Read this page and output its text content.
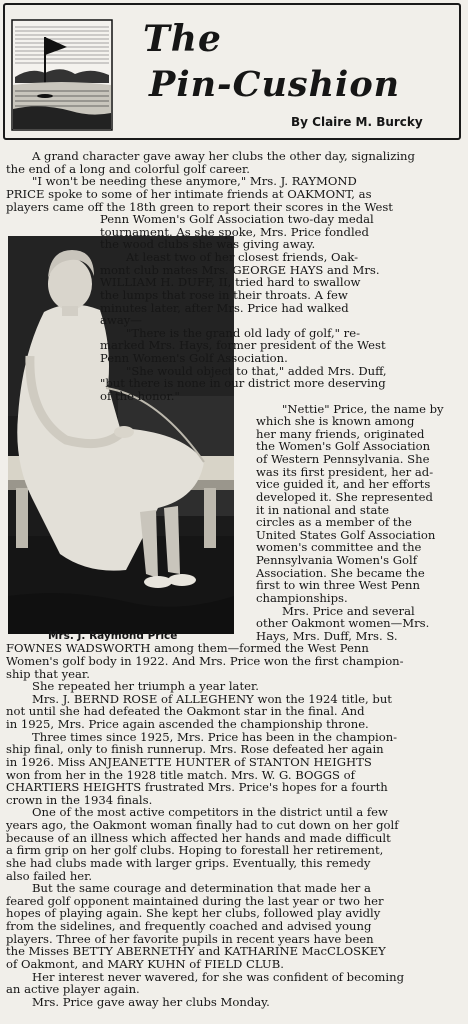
The
Pin-Cushion
By Claire M. Burcky
A grand character gave away her clubs the other day, signalizing
the end of a long and colorful golf career.
"I won't be needing these anymore," Mrs. J. RAYMOND
PRICE spoke to some of her intimate friends at OAKMONT, as
players came off the 18th green to report their scores in the West
Penn Women's Golf Association two-day medal
tournament. As she spoke, Mrs. Price fondled
the wood clubs she was giving away.
At least two of her closest friends, Oak-
mont club mates Mrs. GEORGE HAYS and Mrs.
WILLIAM H. DUFF, II, tried hard to swallow
the lumps that rose in their throats. A few
minutes later, after Mrs. Price had walked
away—
"There is the grand old lady of golf," re-
marked Mrs. Hays, former president of the West
Penn Women's Golf Association.
"She would object to that," added Mrs. Duff,
"but there is none in our district more deserving
of the honor."
"Nettie" Price, the name by
which she is known among
her many friends, originated
the Women's Golf Association
of Western Pennsylvania. She
was its first president, her ad-
vice guided it, and her efforts
developed it. She represented
it in national and state
circles as a member of the
United States Golf Association
women's committee and the
Pennsylvania Women's Golf
Association. She became the
first to win three West Penn
championships.
Mrs. Price and several
other Oakmont women—Mrs.
Mrs. J. Raymond Price	Hays, Mrs. Duff, Mrs. S.
FOWNES WADSWORTH among them—formed the West Penn
Women's golf body in 1922. And Mrs. Price won the first champion-
ship that year.
She repeated her triumph a year later.
Mrs. J. BERND ROSE of ALLEGHENY won the 1924 title, but
not until she had defeated the Oakmont star in the final. And
in 1925, Mrs. Price again ascended the championship throne.
Three times since 1925, Mrs. Price has been in the champion-
ship final, only to finish runnerup. Mrs. Rose defeated her again
in 1926. Miss ANJEANETTE HUNTER of STANTON HEIGHTS
won from her in the 1928 title match. Mrs. W. G. BOGGS of
CHARTIERS HEIGHTS frustrated Mrs. Price's hopes for a fourth
crown in the 1934 finals.
One of the most active competitors in the district until a few
years ago, the Oakmont woman finally had to cut down on her golf
because of an illness which affected her hands and made difficult
a firm grip on her golf clubs. Hoping to forestall her retirement,
she had clubs made with larger grips. Eventually, this remedy
also failed her.
But the same courage and determination that made her a
feared golf opponent maintained during the last year or two her
hopes of playing again. She kept her clubs, followed play avidly
from the sidelines, and frequently coached and advised young
players. Three of her favorite pupils in recent years have been
the Misses BETTY ABERNETHY and KATHARINE MacCLOSKEY
of Oakmont, and MARY KUHN of FIELD CLUB.
Her interest never wavered, for she was confident of becoming
an active player again.
Mrs. Price gave away her clubs Monday.
